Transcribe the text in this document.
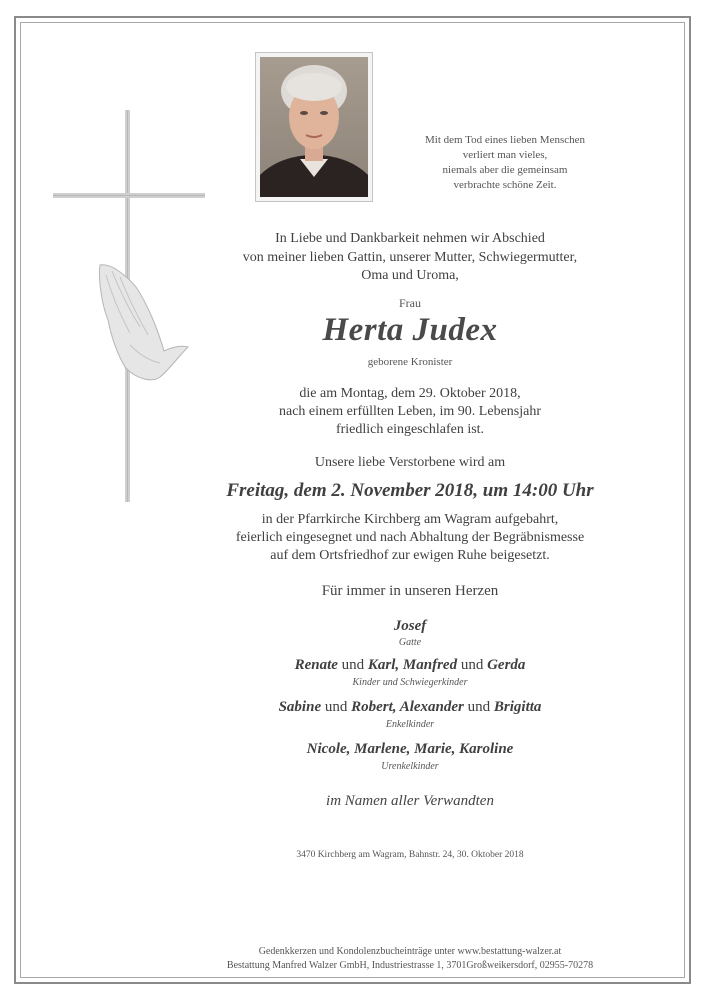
Mit dem Tod eines lieben Menschen
verliert man vieles,
niemals aber die gemeinsam
verbrachte schöne Zeit.
In Liebe und Dankbarkeit nehmen wir Abschied
von meiner lieben Gattin, unserer Mutter, Schwiegermutter,
Oma und Uroma,
Frau
Herta Judex
geborene Kronister
die am Montag, dem 29. Oktober 2018,
nach einem erfüllten Leben, im 90. Lebensjahr
friedlich eingeschlafen ist.
Unsere liebe Verstorbene wird am
Freitag, dem 2. November 2018, um 14:00 Uhr
in der Pfarrkirche Kirchberg am Wagram aufgebahrt,
feierlich eingesegnet und nach Abhaltung der Begräbnismesse
auf dem Ortsfriedhof zur ewigen Ruhe beigesetzt.
Für immer in unseren Herzen
Josef
Gatte
Renate und Karl, Manfred und Gerda
Kinder und Schwiegerkinder
Sabine und Robert, Alexander und Brigitta
Enkelkinder
Nicole, Marlene, Marie, Karoline
Urenkelkinder
im Namen aller Verwandten
3470 Kirchberg am Wagram, Bahnstr. 24, 30. Oktober 2018
Gedenkkerzen und Kondolenzbucheinträge unter www.bestattung-walzer.at
Bestattung Manfred Walzer GmbH, Industriestrasse 1, 3701Großweikersdorf, 02955-70278
